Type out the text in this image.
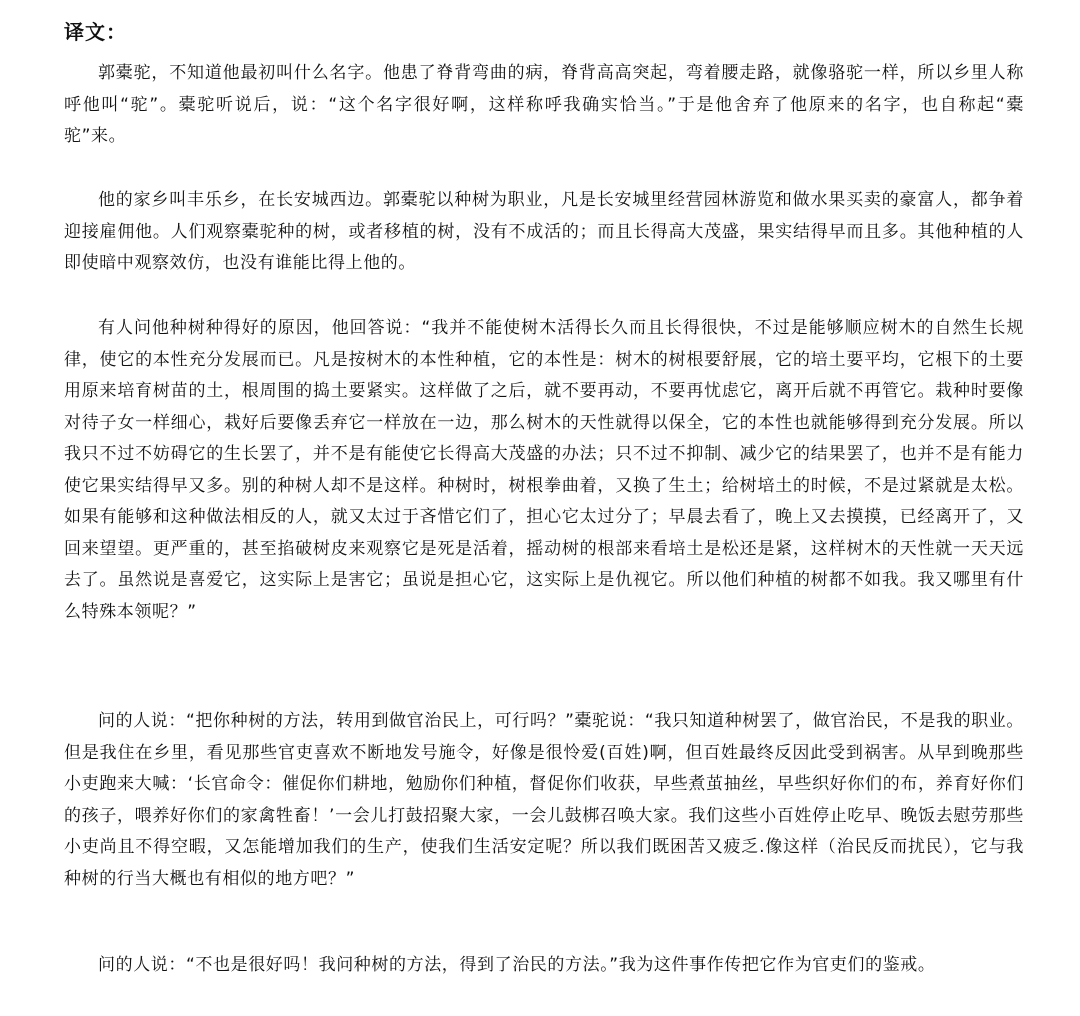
译文：

郭橐驼，不知道他最初叫什么名字。他患了脊背弯曲的病，脊背高高突起，弯着腰走路，就像骆驼一样，所以乡里人称呼他叫“驼”。橐驼听说后，说：“这个名字很好啊，这样称呼我确实恰当。”于是他舍弃了他原来的名字，也自称起“橐驼”来。

他的家乡叫丰乐乡，在长安城西边。郭橐驼以种树为职业，凡是长安城里经营园林游览和做水果买卖的豪富人，都争着迎接雇佣他。人们观察橐驼种的树，或者移植的树，没有不成活的；而且长得高大茂盛，果实结得早而且多。其他种植的人即使暗中观察效仿，也没有谁能比得上他的。

有人问他种树种得好的原因，他回答说：“我并不能使树木活得长久而且长得很快，不过是能够顺应树木的自然生长规律，使它的本性充分发展而已。凡是按树木的本性种植，它的本性是：树木的树根要舒展，它的培土要平均，它根下的土要用原来培育树苗的土，根周围的捣土要紧实。这样做了之后，就不要再动，不要再忧虑它，离开后就不再管它。栽种时要像对待子女一样细心，栽好后要像丢弃它一样放在一边，那么树木的天性就得以保全，它的本性也就能够得到充分发展。所以我只不过不妨碍它的生长罢了，并不是有能使它长得高大茂盛的办法；只不过不抑制、减少它的结果罢了，也并不是有能力使它果实结得早又多。别的种树人却不是这样。种树时，树根拳曲着，又换了生土；给树培土的时候，不是过紧就是太松。如果有能够和这种做法相反的人，就又太过于吝惜它们了，担心它太过分了；早晨去看了，晚上又去摸摸，已经离开了，又回来望望。更严重的，甚至掐破树皮来观察它是死是活着，摇动树的根部来看培土是松还是紧，这样树木的天性就一天天远去了。虽然说是喜爱它，这实际上是害它；虽说是担心它，这实际上是仇视它。所以他们种植的树都不如我。我又哪里有什么特殊本领呢？”

问的人说：“把你种树的方法，转用到做官治民上，可行吗？”橐驼说：“我只知道种树罢了，做官治民，不是我的职业。但是我住在乡里，看见那些官吏喜欢不断地发号施令，好像是很怜爱(百姓)啊，但百姓最终反因此受到祸害。从早到晚那些小吏跑来大喊：‘长官命令：催促你们耕地，勉励你们种植，督促你们收获，早些煮茧抽丝，早些织好你们的布，养育好你们的孩子，喂养好你们的家禽牲畜！’一会儿打鼓招聚大家，一会儿鼓梆召唤大家。我们这些小百姓停止吃早、晚饭去慰劳那些小吏尚且不得空暇，又怎能增加我们的生产，使我们生活安定呢？所以我们既困苦又疲乏.像这样（治民反而扰民），它与我种树的行当大概也有相似的地方吧？”

问的人说：“不也是很好吗！我问种树的方法，得到了治民的方法。”我为这件事作传把它作为官吏们的鉴戒。
